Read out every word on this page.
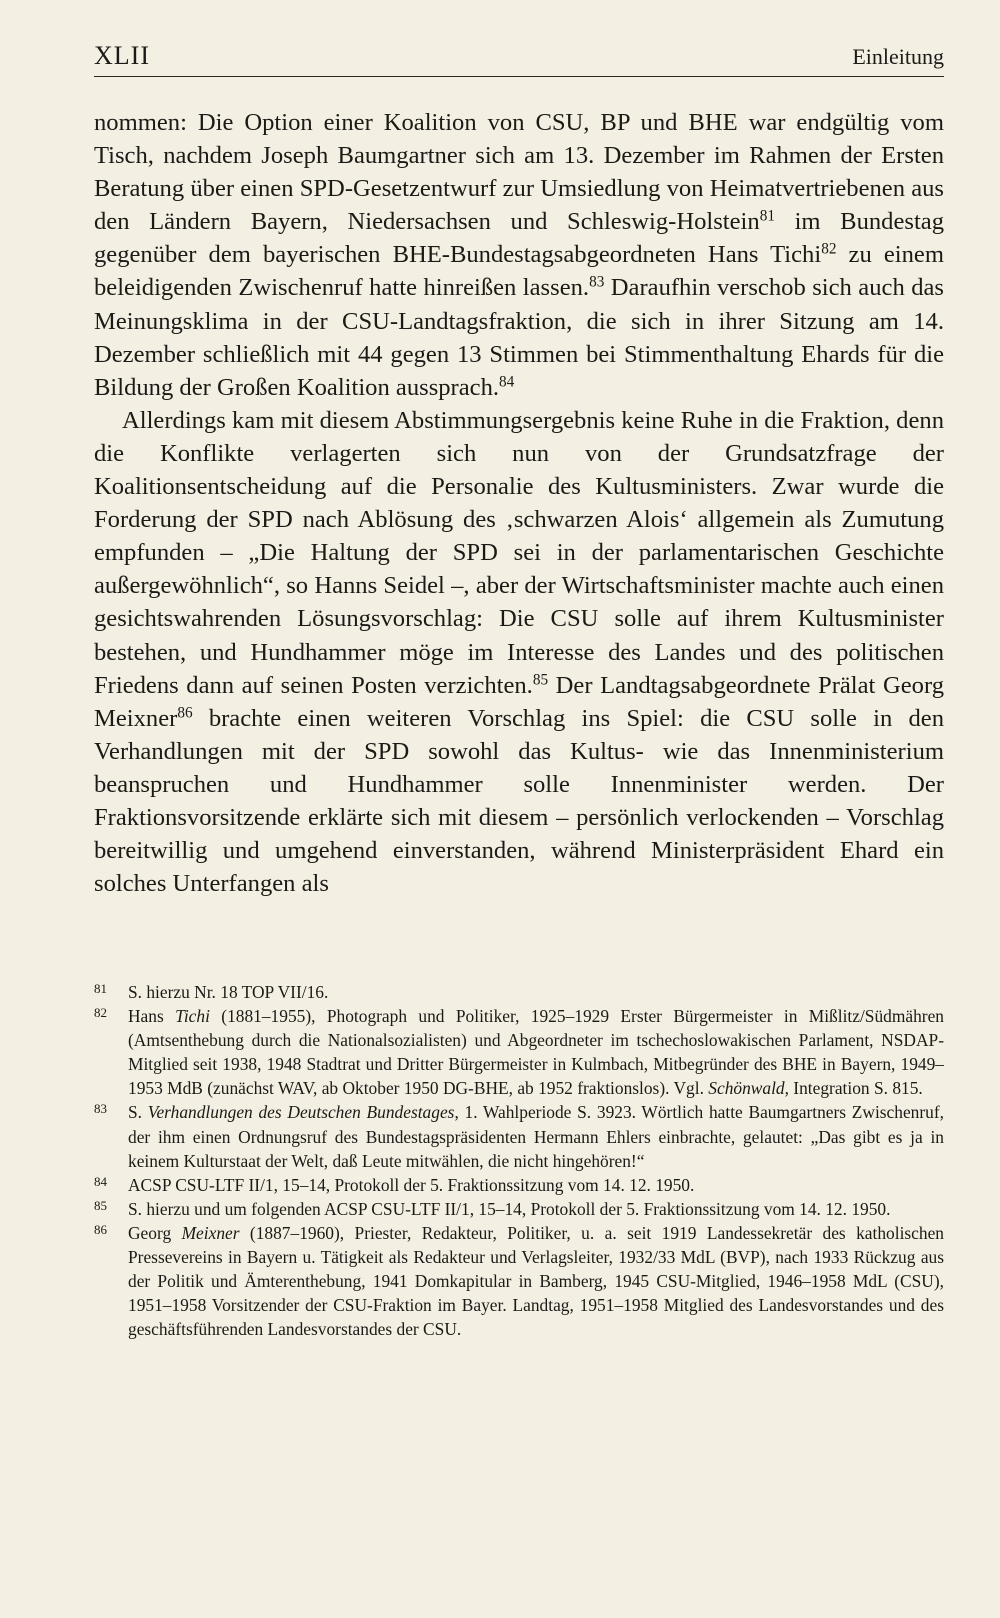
XLII	Einleitung

nommen: Die Option einer Koalition von CSU, BP und BHE war endgültig vom Tisch, nachdem Joseph Baumgartner sich am 13. Dezember im Rahmen der Ersten Beratung über einen SPD-Gesetzentwurf zur Umsiedlung von Heimatvertriebenen aus den Ländern Bayern, Niedersachsen und Schleswig-Holstein$^{81}$ im Bundestag gegenüber dem bayerischen BHE-Bundestagsabgeordneten Hans Tichi$^{82}$ zu einem beleidigenden Zwischenruf hatte hinreißen lassen.$^{83}$ Daraufhin verschob sich auch das Meinungsklima in der CSU-Landtagsfraktion, die sich in ihrer Sitzung am 14. Dezember schließlich mit 44 gegen 13 Stimmen bei Stimmenthaltung Ehards für die Bildung der Großen Koalition aussprach.$^{84}$

Allerdings kam mit diesem Abstimmungsergebnis keine Ruhe in die Fraktion, denn die Konflikte verlagerten sich nun von der Grundsatzfrage der Koalitionsentscheidung auf die Personalie des Kultusministers. Zwar wurde die Forderung der SPD nach Ablösung des ‚schwarzen Alois‘ allgemein als Zumutung empfunden – „Die Haltung der SPD sei in der parlamentarischen Geschichte außergewöhnlich“, so Hanns Seidel –, aber der Wirtschaftsminister machte auch einen gesichtswahrenden Lösungsvorschlag: Die CSU solle auf ihrem Kultusminister bestehen, und Hundhammer möge im Interesse des Landes und des politischen Friedens dann auf seinen Posten verzichten.$^{85}$ Der Landtagsabgeordnete Prälat Georg Meixner$^{86}$ brachte einen weiteren Vorschlag ins Spiel: die CSU solle in den Verhandlungen mit der SPD sowohl das Kultus- wie das Innenministerium beanspruchen und Hundhammer solle Innenminister werden. Der Fraktionsvorsitzende erklärte sich mit diesem – persönlich verlockenden – Vorschlag bereitwillig und umgehend einverstanden, während Ministerpräsident Ehard ein solches Unterfangen als

81	S. hierzu Nr. 18 TOP VII/16.
82	Hans Tichi (1881–1955), Photograph und Politiker, 1925–1929 Erster Bürgermeister in Mißlitz/Südmähren (Amtsenthebung durch die Nationalsozialisten) und Abgeordneter im tschechoslowakischen Parlament, NSDAP-Mitglied seit 1938, 1948 Stadtrat und Dritter Bürgermeister in Kulmbach, Mitbegründer des BHE in Bayern, 1949–1953 MdB (zunächst WAV, ab Oktober 1950 DG-BHE, ab 1952 fraktionslos). Vgl. Schönwald, Integration S. 815.
83	S. Verhandlungen des Deutschen Bundestages, 1. Wahlperiode S. 3923. Wörtlich hatte Baumgartners Zwischenruf, der ihm einen Ordnungsruf des Bundestagspräsidenten Hermann Ehlers einbrachte, gelautet: „Das gibt es ja in keinem Kulturstaat der Welt, daß Leute mitwählen, die nicht hingehören!“
84	ACSP CSU-LTF II/1, 15–14, Protokoll der 5. Fraktionssitzung vom 14. 12. 1950.
85	S. hierzu und um folgenden ACSP CSU-LTF II/1, 15–14, Protokoll der 5. Fraktionssitzung vom 14. 12. 1950.
86	Georg Meixner (1887–1960), Priester, Redakteur, Politiker, u. a. seit 1919 Landessekretär des katholischen Pressevereins in Bayern u. Tätigkeit als Redakteur und Verlagsleiter, 1932/33 MdL (BVP), nach 1933 Rückzug aus der Politik und Ämterenthebung, 1941 Domkapitular in Bamberg, 1945 CSU-Mitglied, 1946–1958 MdL (CSU), 1951–1958 Vorsitzender der CSU-Fraktion im Bayer. Landtag, 1951–1958 Mitglied des Landesvorstandes und des geschäftsführenden Landesvorstandes der CSU.
